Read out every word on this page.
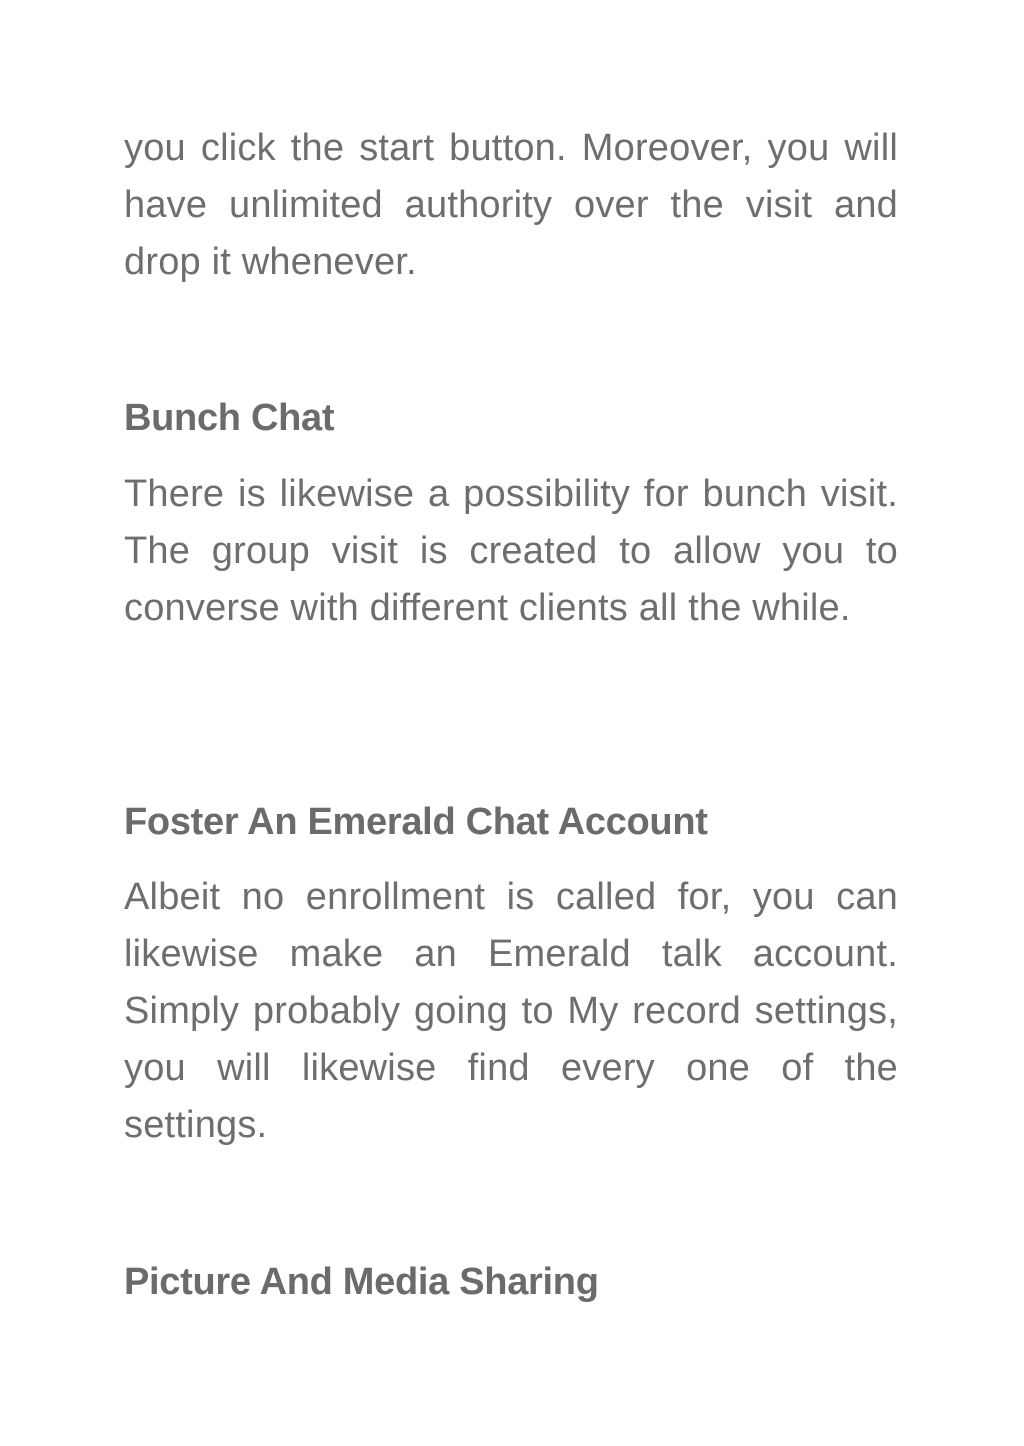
you click the start button. Moreover, you will have unlimited authority over the visit and drop it whenever.

Bunch Chat

There is likewise a possibility for bunch visit. The group visit is created to allow you to converse with different clients all the while.

Foster An Emerald Chat Account

Albeit no enrollment is called for, you can likewise make an Emerald talk account. Simply probably going to My record settings, you will likewise find every one of the settings.

Picture And Media Sharing
